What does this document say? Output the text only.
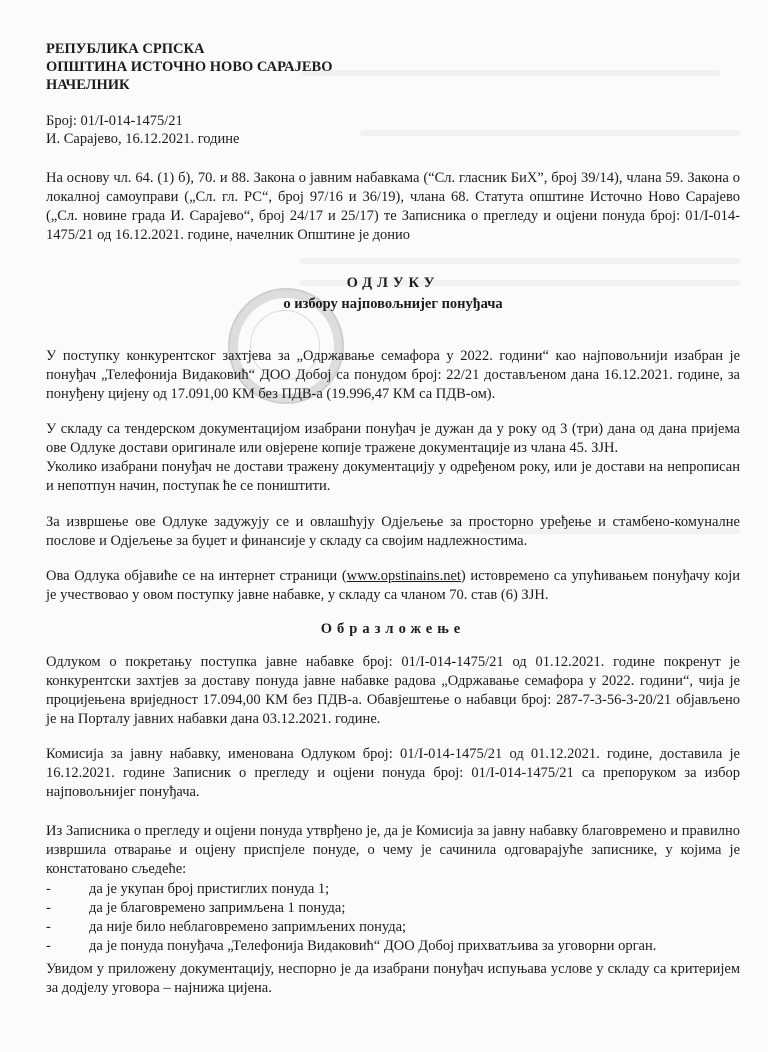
РЕПУБЛИКА СРПСКА
ОПШТИНА ИСТОЧНО НОВО САРАЈЕВО
НАЧЕЛНИК
Број: 01/I-014-1475/21
И. Сарајево, 16.12.2021. године
На основу чл. 64. (1) б), 70. и 88. Закона о јавним набавкама (“Сл. гласник БиХ”, број 39/14), члана 59. Закона о локалној самоуправи („Сл. гл. РС“, број 97/16 и 36/19), члана 68. Статута општине Источно Ново Сарајево („Сл. новине града И. Сарајево“, број 24/17 и 25/17) те Записника о прегледу и оцјени понуда број: 01/I-014-1475/21 од 16.12.2021. године, начелник Општине је донио
ОДЛУКУ
о избору најповољнијег понуђача
У поступку конкурентског захтјева за „Одржавање семафора у 2022. години“ као најповољнији изабран је понуђач „Телефонија Видаковић“ ДОО Добој са понудом број: 22/21 достављеном дана 16.12.2021. године, за понуђену цијену од 17.091,00 КМ без ПДВ-а (19.996,47 КМ са ПДВ-ом).
У складу са тендерском документацијом изабрани понуђач је дужан да у року од 3 (три) дана од дана пријема ове Одлуке достави оригинале или овјерене копије тражене документације из члана 45. ЗЈН.
Уколико изабрани понуђач не достави тражену документацију у одређеном року, или је достави на непрописан и непотпун начин, поступак ће се поништити.
За извршење ове Одлуке задужују се и овлашћују Одјељење за просторно уређење и стамбено-комуналне послове и Одјељење за буџет и финансије у складу са својим надлежностима.
Ова Одлука објавиће се на интернет страници (www.opstinains.net) истовремено са упућивањем понуђачу који је учествовао у овом поступку јавне набавке, у складу са чланом 70. став (6) ЗЈН.
Образложење
Одлуком о покретању поступка јавне набавке број: 01/I-014-1475/21 од 01.12.2021. године покренут је конкурентски захтјев за доставу понуда јавне набавке радова „Одржавање семафора у 2022. години“, чија је процијењена вриједност 17.094,00 КМ без ПДВ-а. Обавјештење о набавци број: 287-7-3-56-3-20/21 објављено је на Порталу јавних набавки дана 03.12.2021. године.
Комисија за јавну набавку, именована Одлуком број: 01/I-014-1475/21 од 01.12.2021. године, доставила је 16.12.2021. године Записник о прегледу и оцјени понуда број: 01/I-014-1475/21 са препоруком за избор најповољнијег понуђача.
Из Записника о прегледу и оцјени понуда утврђено је, да је Комисија за јавну набавку благовремено и правилно извршила отварање и оцјену приспјеле понуде, о чему је сачинила одговарајуће записнике, у којима је констатовано сљедеће:
-	да је укупан број пристиглих понуда 1;
-	да је благовремено запримљена 1 понуда;
-	да није било неблаговремено запримљених понуда;
-	да је понуда понуђача „Телефонија Видаковић“ ДОО Добој прихватљива за уговорни орган.
Увидом у приложену документацију, неспорно је да изабрани понуђач испуњава услове у складу са критеријем за додјелу уговора – најнижа цијена.
